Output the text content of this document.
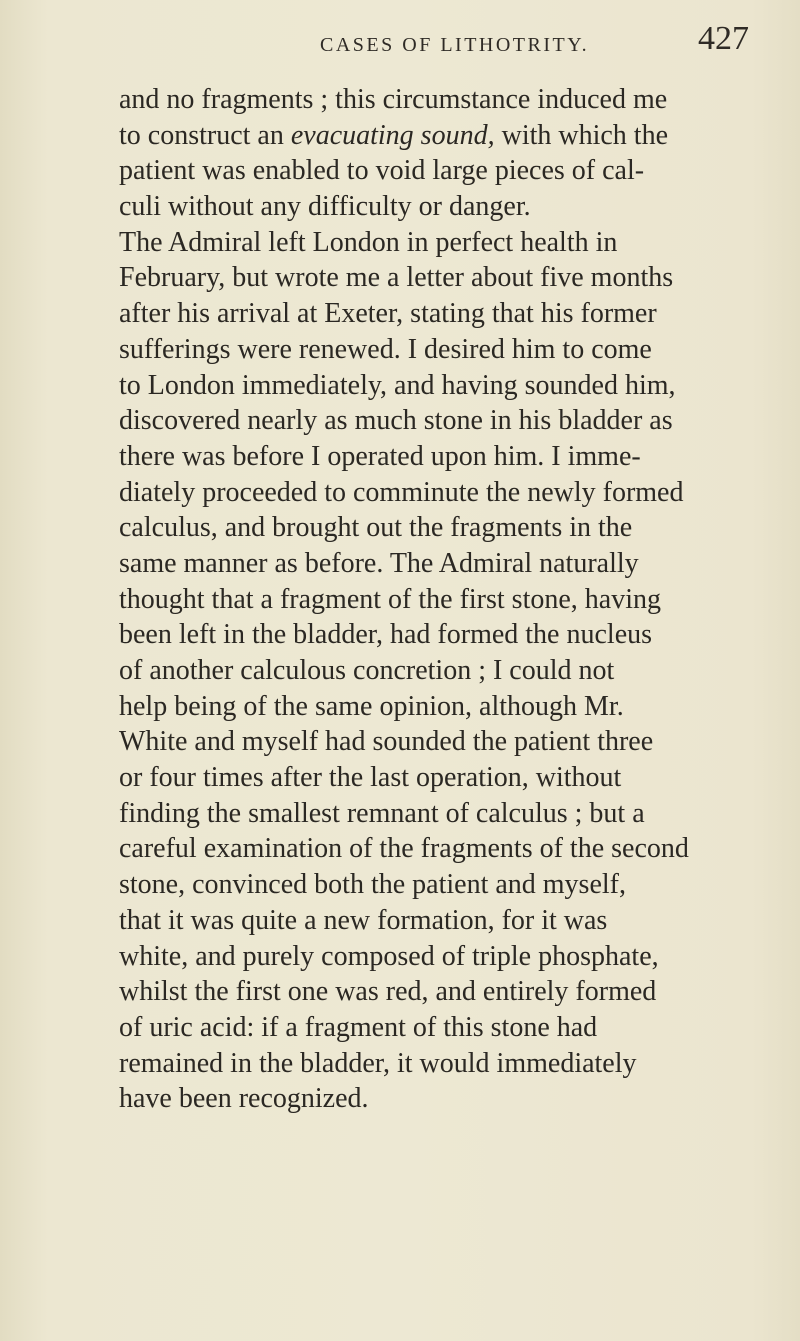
CASES OF LITHOTRITY.	427
and no fragments ; this circumstance induced me
to construct an evacuating sound, with which the
patient was enabled to void large pieces of cal-
culi without any difficulty or danger.
The Admiral left London in perfect health in
February, but wrote me a letter about five months
after his arrival at Exeter, stating that his former
sufferings were renewed. I desired him to come
to London immediately, and having sounded him,
discovered nearly as much stone in his bladder as
there was before I operated upon him. I imme-
diately proceeded to comminute the newly formed
calculus, and brought out the fragments in the
same manner as before. The Admiral naturally
thought that a fragment of the first stone, having
been left in the bladder, had formed the nucleus
of another calculous concretion ; I could not
help being of the same opinion, although Mr.
White and myself had sounded the patient three
or four times after the last operation, without
finding the smallest remnant of calculus ; but a
careful examination of the fragments of the second
stone, convinced both the patient and myself,
that it was quite a new formation, for it was
white, and purely composed of triple phosphate,
whilst the first one was red, and entirely formed
of uric acid: if a fragment of this stone had
remained in the bladder, it would immediately
have been recognized.
